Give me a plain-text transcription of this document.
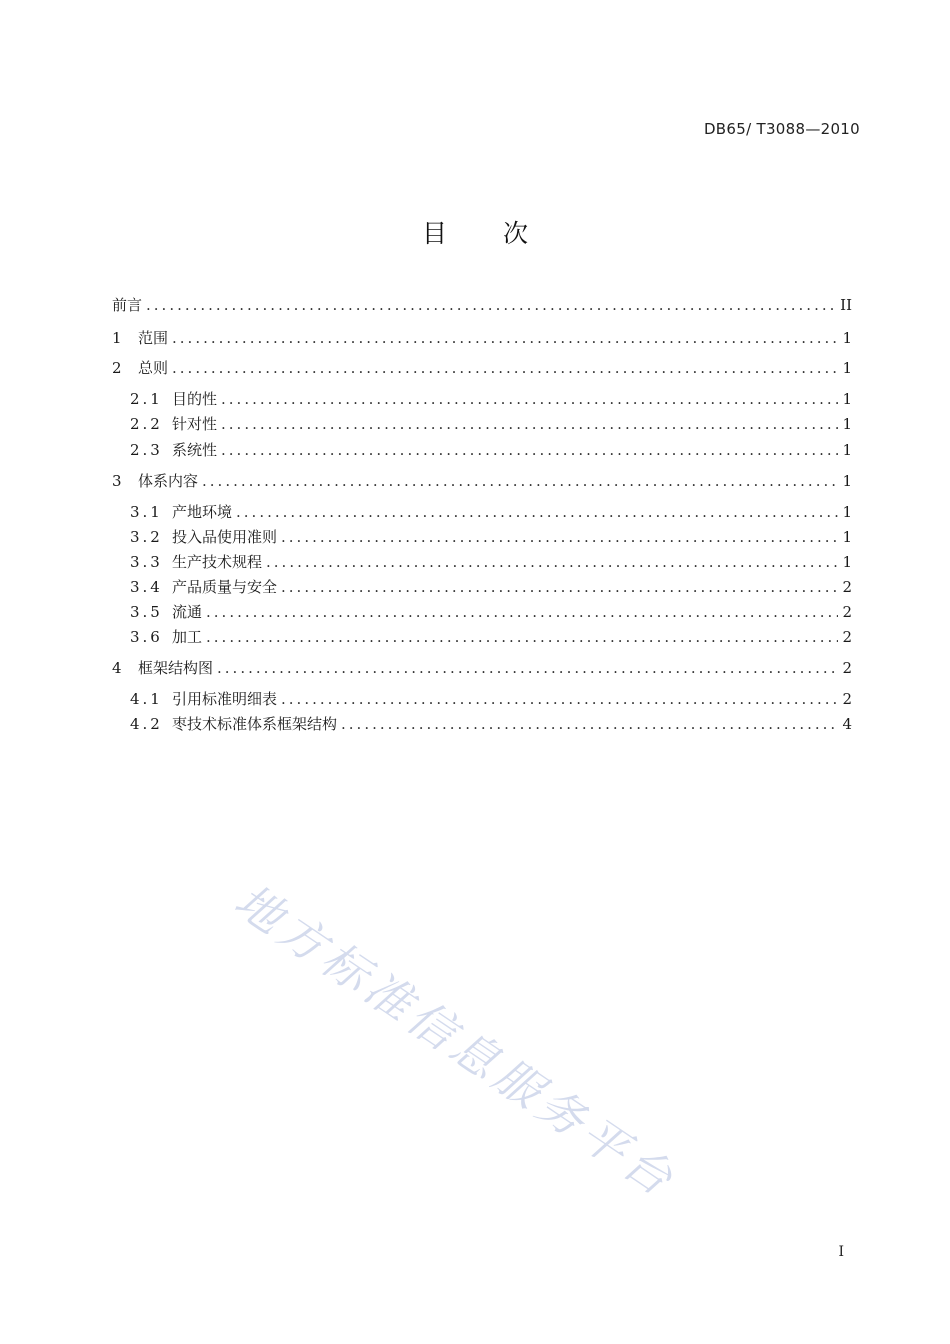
DB65/ T3088—2010
目 次
前言 .....	II
1 范围 .....	1
2 总则 .....	1
2.1 目的性 .....	1
2.2 针对性 .....	1
2.3 系统性 .....	1
3 体系内容 .....	1
3.1 产地环境 .....	1
3.2 投入品使用准则 .....	1
3.3 生产技术规程 .....	1
3.4 产品质量与安全 .....	2
3.5 流通 .....	2
3.6 加工 .....	2
4 框架结构图 .....	2
4.1 引用标准明细表 .....	2
4.2 枣技术标准体系框架结构 .....	4
I
地方标准信息服务平台
